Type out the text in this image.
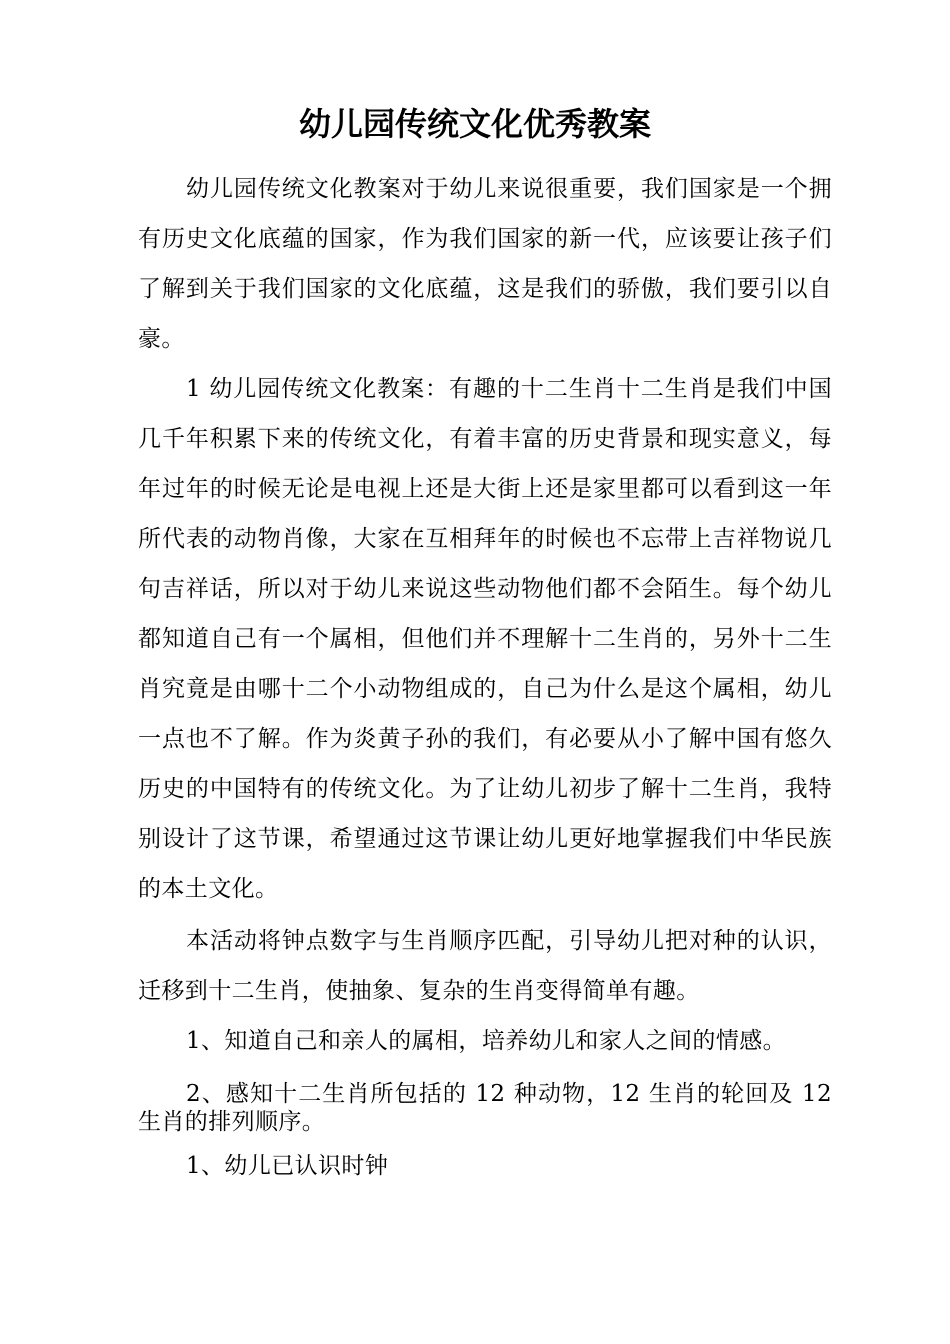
幼儿园传统文化优秀教案

幼儿园传统文化教案对于幼儿来说很重要，我们国家是一个拥有历史文化底蕴的国家，作为我们国家的新一代，应该要让孩子们了解到关于我们国家的文化底蕴，这是我们的骄傲，我们要引以自豪。

1 幼儿园传统文化教案：有趣的十二生肖十二生肖是我们中国几千年积累下来的传统文化，有着丰富的历史背景和现实意义，每年过年的时候无论是电视上还是大街上还是家里都可以看到这一年所代表的动物肖像，大家在互相拜年的时候也不忘带上吉祥物说几句吉祥话，所以对于幼儿来说这些动物他们都不会陌生。每个幼儿都知道自己有一个属相，但他们并不理解十二生肖的，另外十二生肖究竟是由哪十二个小动物组成的，自己为什么是这个属相，幼儿一点也不了解。作为炎黄子孙的我们，有必要从小了解中国有悠久历史的中国特有的传统文化。为了让幼儿初步了解十二生肖，我特别设计了这节课，希望通过这节课让幼儿更好地掌握我们中华民族的本土文化。

本活动将钟点数字与生肖顺序匹配，引导幼儿把对种的认识，迁移到十二生肖，使抽象、复杂的生肖变得简单有趣。

1、知道自己和亲人的属相，培养幼儿和家人之间的情感。

2、感知十二生肖所包括的 12 种动物，12 生肖的轮回及 12 生肖的排列顺序。

1、幼儿已认识时钟
